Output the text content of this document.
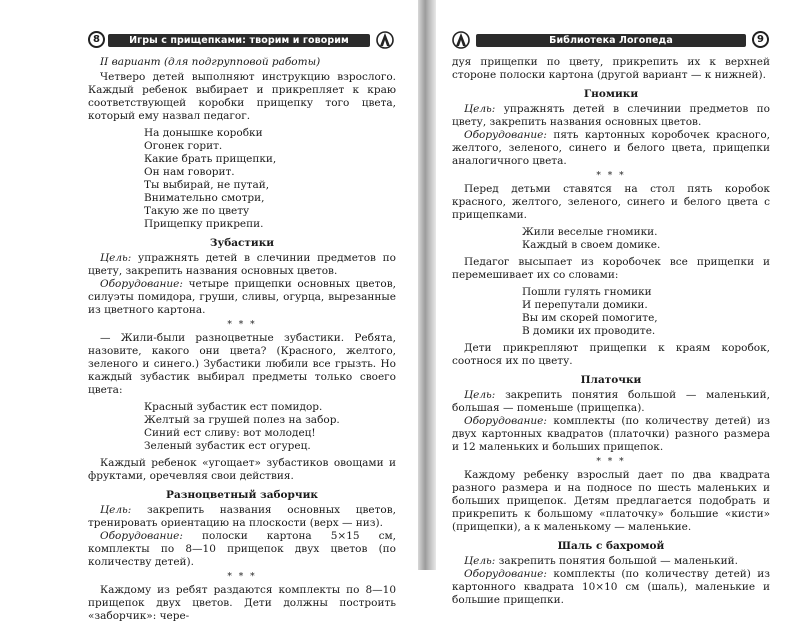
8	Игры с прищепками: творим и говорим

II вариант (для подгрупповой работы)

Четверо детей выполняют инструкцию взрослого. Каждый ребенок выбирает и прикрепляет к краю соответствующей коробки прищепку того цвета, который ему назвал педагог.

На донышке коробки
Огонек горит.
Какие брать прищепки,
Он нам говорит.
Ты выбирай, не путай,
Внимательно смотри,
Такую же по цвету
Прищепку прикрепи.
Зубастики

Цель: упражнять детей в слечинии предметов по цвету, закрепить названия основных цветов.

Оборудование: четыре прищепки основных цветов, силуэты помидора, груши, сливы, огурца, вырезанные из цветного картона.

* * *

— Жили-были разноцветные зубастики. Ребята, назовите, какого они цвета? (Красного, желтого, зеленого и синего.) Зубастики любили все грызть. Но каждый зубастик выбирал предметы только своего цвета:

Красный зубастик ест помидор.
Желтый за грушей полез на забор.
Синий ест сливу: вот молодец!
Зеленый зубастик ест огурец.

Каждый ребенок «угощает» зубастиков овощами и фруктами, оречевляя свои действия.

Разноцветный заборчик

Цель: закрепить названия основных цветов, тренировать ориентацию на плоскости (верх — низ).

Оборудование: полоски картона 5×15 см, комплекты по 8—10 прищепок двух цветов (по количеству детей).

* * *

Каждому из ребят раздаются комплекты по 8—10 прищепок двух цветов. Дети должны построить «заборчик»: чере-

Библиотека Логопеда	9

дуя прищепки по цвету, прикрепить их к верхней стороне полоски картона (другой вариант — к нижней).

Гномики

Цель: упражнять детей в слечинии предметов по цвету, закрепить названия основных цветов.

Оборудование: пять картонных коробочек красного, желтого, зеленого, синего и белого цвета, прищепки аналогичного цвета.

* * *

Перед детьми ставятся на стол пять коробок красного, желтого, зеленого, синего и белого цвета с прищепками.

Жили веселые гномики.
Каждый в своем домике.

Педагог высыпает из коробочек все прищепки и перемешивает их со словами:

Пошли гулять гномики
И перепутали домики.
Вы им скорей помогите,
В домики их проводите.

Дети прикрепляют прищепки к краям коробок, соотнося их по цвету.

Платочки

Цель: закрепить понятия большой — маленький, большая — поменьше (прищепка).

Оборудование: комплекты (по количеству детей) из двух картонных квадратов (платочки) разного размера и 12 маленьких и больших прищепок.

* * *

Каждому ребенку взрослый дает по два квадрата разного размера и на подносе по шесть маленьких и больших прищепок. Детям предлагается подобрать и прикрепить к большому «платочку» большие «кисти» (прищепки), а к маленькому — маленькие.

Шаль с бахромой

Цель: закрепить понятия большой — маленький.

Оборудование: комплекты (по количеству детей) из картонного квадрата 10×10 см (шаль), маленькие и большие прищепки.
